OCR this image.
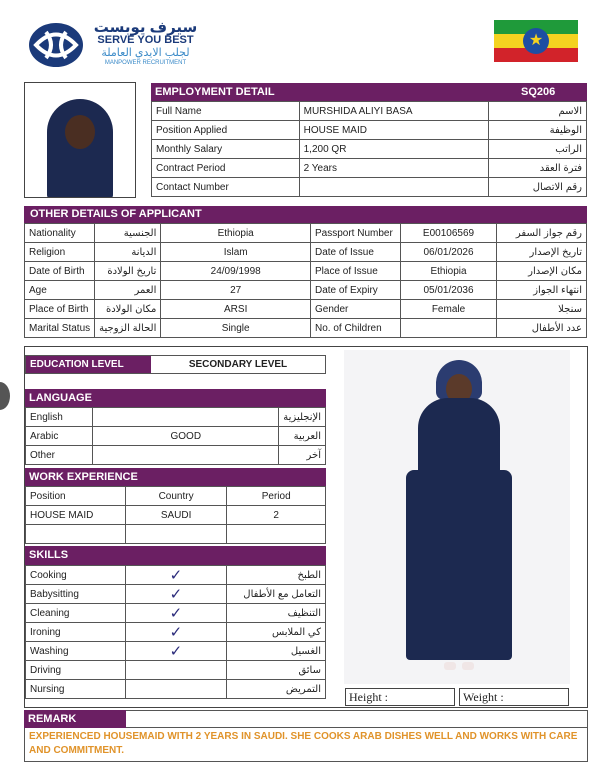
سيرف يوبست
SERVE YOU BEST
لجلب الايدي العاملة
MANPOWER RECRUITMENT
★
EMPLOYMENT DETAIL	SQ206
Full Name	MURSHIDA ALIYI BASA	الاسم
Position Applied	HOUSE MAID	الوظيفة
Monthly Salary	1,200 QR	الراتب
Contract Period	2 Years	فترة العقد
Contact Number		رقم الاتصال
OTHER DETAILS OF APPLICANT
Nationality	الجنسية	Ethiopia	Passport Number	E00106569	رقم جواز السفر
Religion	الديانة	Islam	Date of Issue	06/01/2026	تاريخ الإصدار
Date of Birth	تاريخ الولادة	24/09/1998	Place of Issue	Ethiopia	مكان الإصدار
Age	العمر	27	Date of Expiry	05/01/2036	انتهاء الجواز
Place of Birth	مكان الولادة	ARSI	Gender	Female	سنجلا
Marital Status	الحالة الزوجية	Single	No. of Children		عدد الأطفال
EDUCATION LEVEL	SECONDARY LEVEL
LANGUAGE
English		الإنجليزية
Arabic	GOOD	العربية
Other		آخر
WORK EXPERIENCE
Position	Country	Period
HOUSE MAID	SAUDI	2

SKILLS
Cooking	✓	الطبخ
Babysitting	✓	التعامل مع الأطفال
Cleaning	✓	التنظيف
Ironing	✓	كي الملابس
Washing	✓	الغسيل
Driving		سائق
Nursing		التمريض
Height :	Weight :
REMARK
EXPERIENCED HOUSEMAID WITH 2 YEARS IN SAUDI. SHE COOKS ARAB DISHES WELL AND WORKS WITH CARE AND COMMITMENT.
